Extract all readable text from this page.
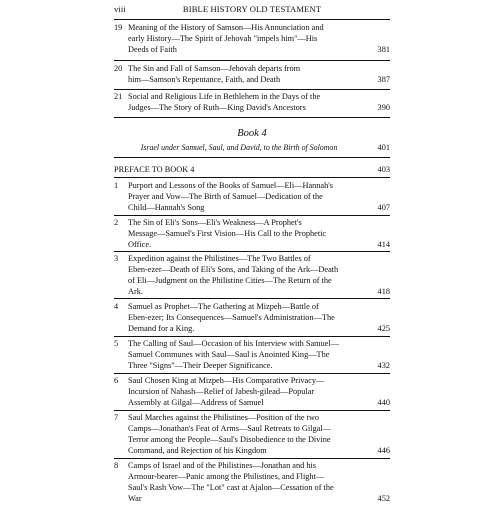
viii	BIBLE HISTORY OLD TESTAMENT
19 Meaning of the History of Samson—His Annunciation and
early History—The Spirit of Jehovah "impels him"—His
Deeds of Faith	381
20 The Sin and Fall of Samson—Jehovah departs from
him—Samson's Repentance, Faith, and Death	387
21 Social and Religious Life in Bethlehem in the Days of the
Judges—The Story of Ruth—King David's Ancestors	390
Book 4
Israel under Samuel, Saul, and David, to the Birth of Solomon	401
PREFACE TO BOOK 4	403
1	Purport and Lessons of the Books of Samuel—Eli—Hannah's
Prayer and Vow—The Birth of Samuel—Dedication of the
Child—Hannah's Song	407
2	The Sin of Eli's Sons—Eli's Weakness—A Prophet's
Message—Samuel's First Vision—His Call to the Prophetic
Office.	414
3	Expedition against the Philistines—The Two Battles of
Eben-ezer—Death of Eli's Sons, and Taking of the Ark—Death
of Eli—Judgment on the Philistine Cities—The Return of the
Ark.	418
4	Samuel as Prophet—The Gathering at Mizpeh—Battle of
Eben-ezer; Its Consequences—Samuel's Administration—The
Demand for a King.	425
5	The Calling of Saul—Occasion of his Interview with Samuel—
Samuel Communes with Saul—Saul is Anointed King—The
Three "Signs"—Their Deeper Significance.	432
6	Saul Chosen King at Mizpeh—His Comparative Privacy—
Incursion of Nahash—Relief of Jabesh-gilead—Popular
Assembly at Gilgal—Address of Samuel	440
7	Saul Marches against the Philistines—Position of the two
Camps—Jonathan's Feat of Arms—Saul Retreats to Gilgal—
Terror among the People—Saul's Disobedience to the Divine
Command, and Rejection of his Kingdom	446
8	Camps of Israel and of the Philistines—Jonathan and his
Armour-bearer—Panic among the Philistines, and Flight—
Saul's Rash Vow—The "Lot" cast at Ajalon—Cessation of the
War	452
